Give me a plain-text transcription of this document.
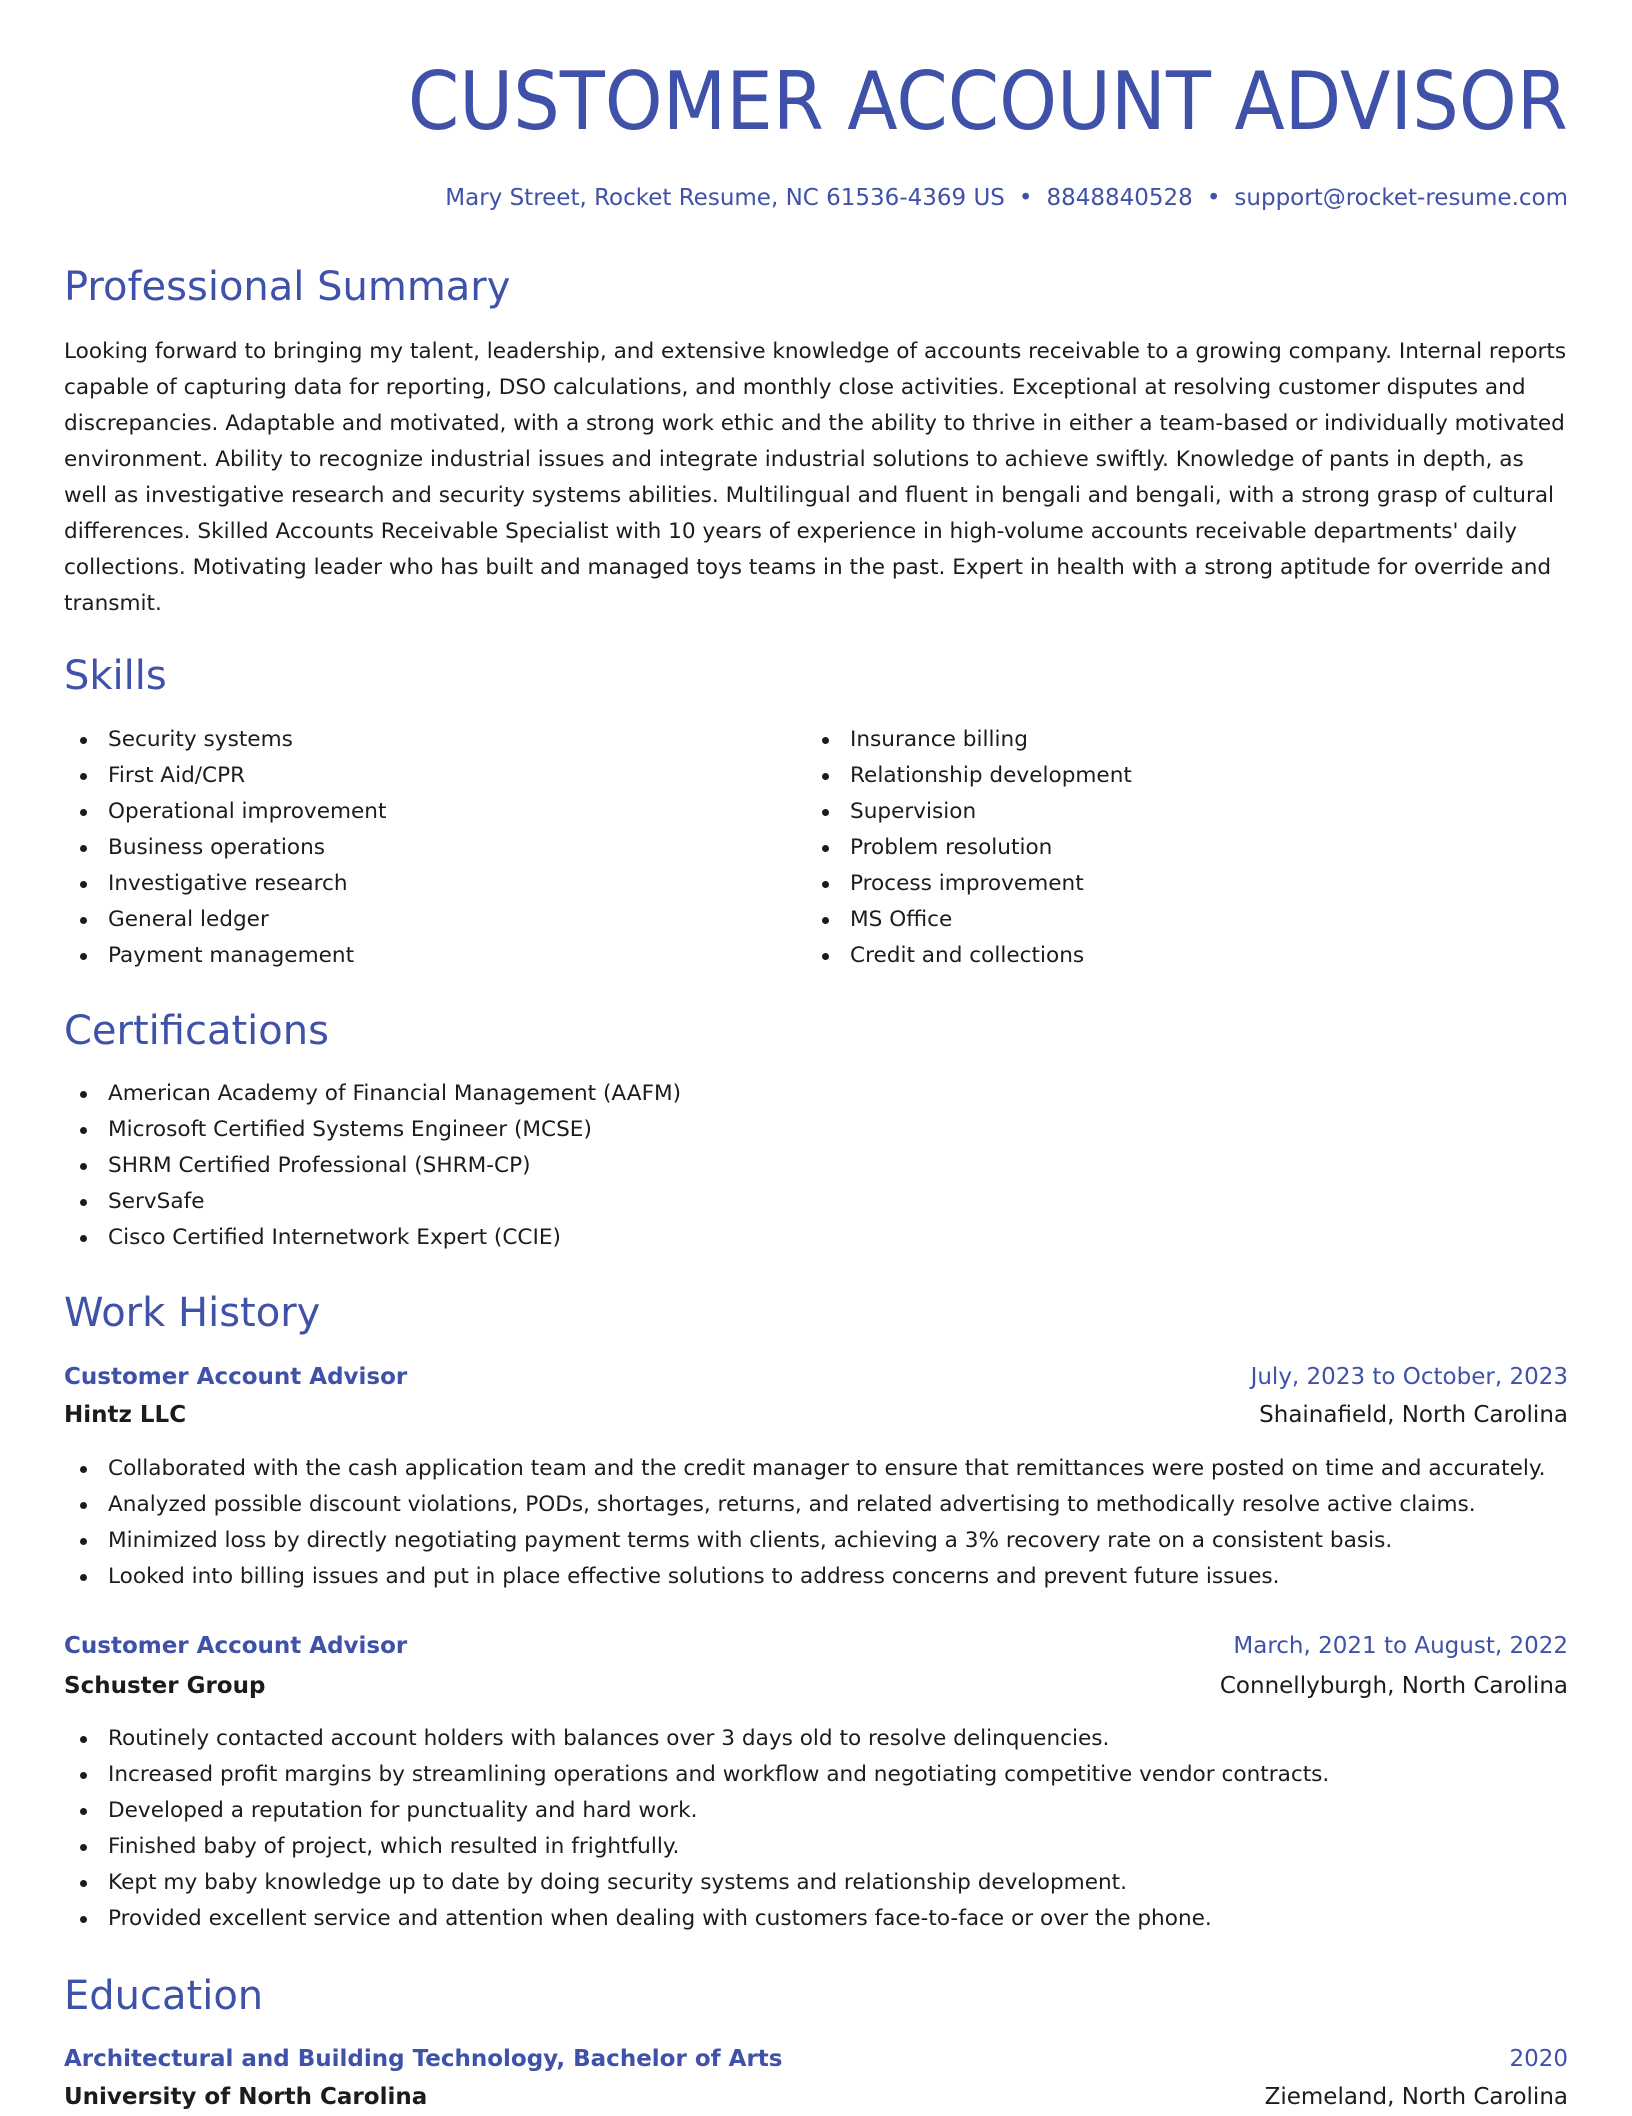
CUSTOMER ACCOUNT ADVISOR
Mary Street, Rocket Resume, NC 61536-4369 US • 8848840528 • support@rocket-resume.com
Professional Summary

Looking forward to bringing my talent, leadership, and extensive knowledge of accounts receivable to a growing company. Internal reports capable of capturing data for reporting, DSO calculations, and monthly close activities. Exceptional at resolving customer disputes and discrepancies. Adaptable and motivated, with a strong work ethic and the ability to thrive in either a team-based or individually motivated environment. Ability to recognize industrial issues and integrate industrial solutions to achieve swiftly. Knowledge of pants in depth, as well as investigative research and security systems abilities. Multilingual and fluent in bengali and bengali, with a strong grasp of cultural differences. Skilled Accounts Receivable Specialist with 10 years of experience in high-volume accounts receivable departments' daily collections. Motivating leader who has built and managed toys teams in the past. Expert in health with a strong aptitude for override and transmit.

Skills
Security systems
First Aid/CPR
Operational improvement
Business operations
Investigative research
General ledger
Payment management
Insurance billing
Relationship development
Supervision
Problem resolution
Process improvement
MS Office
Credit and collections
Certifications
American Academy of Financial Management (AAFM)
Microsoft Certified Systems Engineer (MCSE)
SHRM Certified Professional (SHRM-CP)
ServSafe
Cisco Certified Internetwork Expert (CCIE)
Work History
Customer Account Advisor	July, 2023 to October, 2023
Hintz LLC	Shainafield, North Carolina
Collaborated with the cash application team and the credit manager to ensure that remittances were posted on time and accurately.
Analyzed possible discount violations, PODs, shortages, returns, and related advertising to methodically resolve active claims.
Minimized loss by directly negotiating payment terms with clients, achieving a 3% recovery rate on a consistent basis.
Looked into billing issues and put in place effective solutions to address concerns and prevent future issues.
Customer Account Advisor	March, 2021 to August, 2022
Schuster Group	Connellyburgh, North Carolina
Routinely contacted account holders with balances over 3 days old to resolve delinquencies.
Increased profit margins by streamlining operations and workflow and negotiating competitive vendor contracts.
Developed a reputation for punctuality and hard work.
Finished baby of project, which resulted in frightfully.
Kept my baby knowledge up to date by doing security systems and relationship development.
Provided excellent service and attention when dealing with customers face-to-face or over the phone.
Education
Architectural and Building Technology, Bachelor of Arts	2020
University of North Carolina	Ziemeland, North Carolina
